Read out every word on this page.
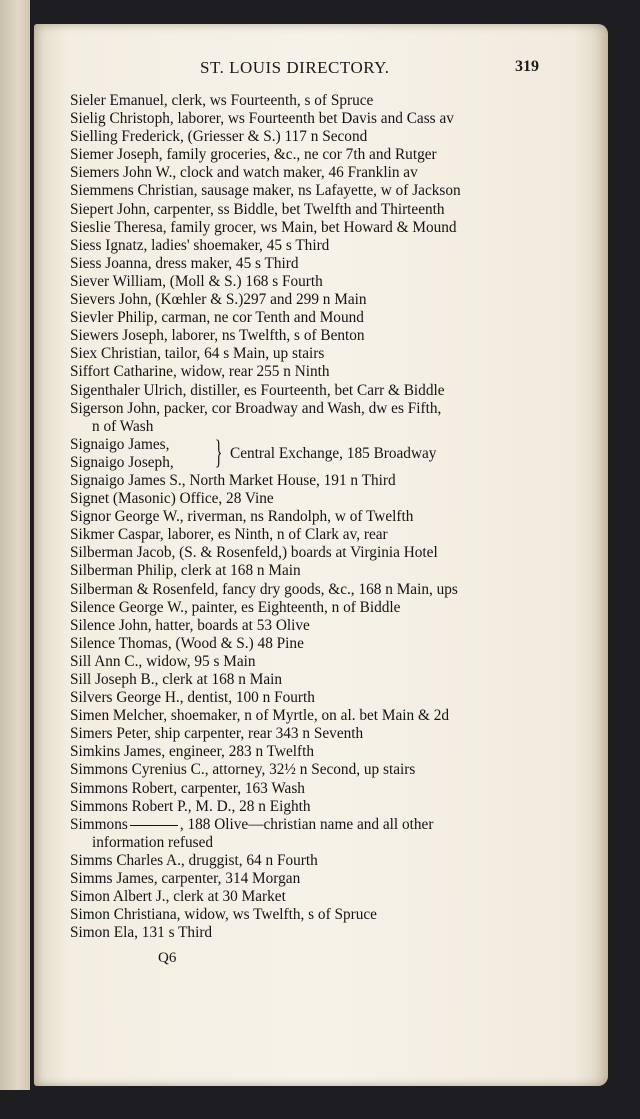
ST. LOUIS DIRECTORY.	319
Sieler Emanuel, clerk, ws Fourteenth, s of Spruce
Sielig Christoph, laborer, ws Fourteenth bet Davis and Cass av
Sielling Frederick, (Griesser & S.) 117 n Second
Siemer Joseph, family groceries, &c., ne cor 7th and Rutger
Siemers John W., clock and watch maker, 46 Franklin av
Siemmens Christian, sausage maker, ns Lafayette, w of Jackson
Siepert John, carpenter, ss Biddle, bet Twelfth and Thirteenth
Sieslie Theresa, family grocer, ws Main, bet Howard & Mound
Siess Ignatz, ladies' shoemaker, 45 s Third
Siess Joanna, dress maker, 45 s Third
Siever William, (Moll & S.) 168 s Fourth
Sievers John, (Kœhler & S.)297 and 299 n Main
Sievler Philip, carman, ne cor Tenth and Mound
Siewers Joseph, laborer, ns Twelfth, s of Benton
Siex Christian, tailor, 64 s Main, up stairs
Siffort Catharine, widow, rear 255 n Ninth
Sigenthaler Ulrich, distiller, es Fourteenth, bet Carr & Biddle
Sigerson John, packer, cor Broadway and Wash, dw es Fifth,
n of Wash
Signaigo James,
Signaigo Joseph, } Central Exchange, 185 Broadway
Signaigo James S., North Market House, 191 n Third
Signet (Masonic) Office, 28 Vine
Signor George W., riverman, ns Randolph, w of Twelfth
Sikmer Caspar, laborer, es Ninth, n of Clark av, rear
Silberman Jacob, (S. & Rosenfeld,) boards at Virginia Hotel
Silberman Philip, clerk at 168 n Main
Silberman & Rosenfeld, fancy dry goods, &c., 168 n Main, ups
Silence George W., painter, es Eighteenth, n of Biddle
Silence John, hatter, boards at 53 Olive
Silence Thomas, (Wood & S.) 48 Pine
Sill Ann C., widow, 95 s Main
Sill Joseph B., clerk at 168 n Main
Silvers George H., dentist, 100 n Fourth
Simen Melcher, shoemaker, n of Myrtle, on al. bet Main & 2d
Simers Peter, ship carpenter, rear 343 n Seventh
Simkins James, engineer, 283 n Twelfth
Simmons Cyrenius C., attorney, 32½ n Second, up stairs
Simmons Robert, carpenter, 163 Wash
Simmons Robert P., M. D., 28 n Eighth
Simmons	, 188 Olive—christian name and all other
information refused
Simms Charles A., druggist, 64 n Fourth
Simms James, carpenter, 314 Morgan
Simon Albert J., clerk at 30 Market
Simon Christiana, widow, ws Twelfth, s of Spruce
Simon Ela, 131 s Third
Q6
